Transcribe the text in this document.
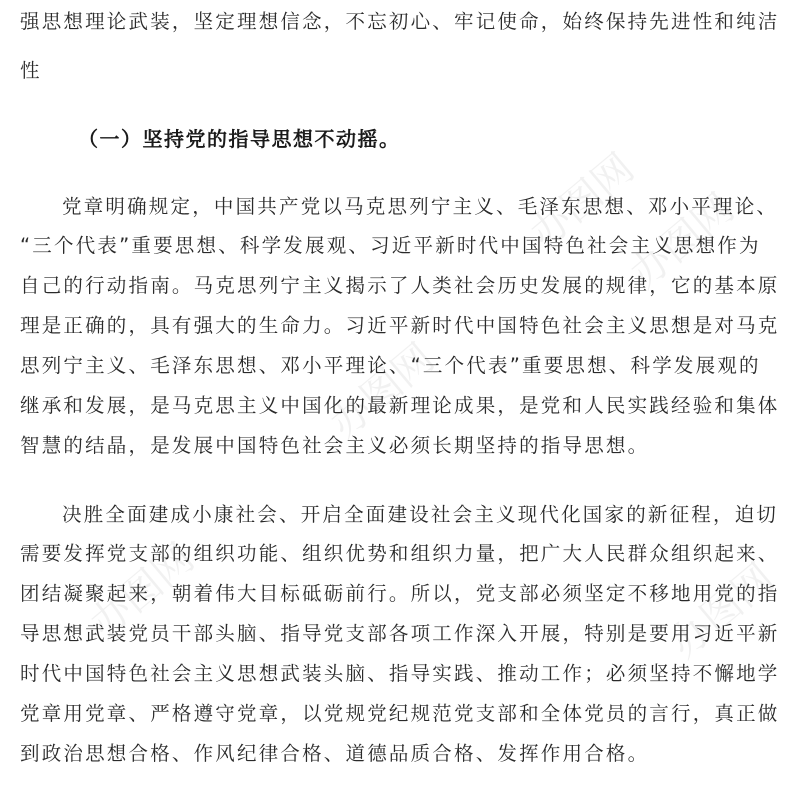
办图网
办图网
办图网
办图网	办图网
强思想理论武装，坚定理想信念，不忘初心、牢记使命，始终保持先进性和纯洁
性
（一）坚持党的指导思想不动摇。
党章明确规定，中国共产党以马克思列宁主义、毛泽东思想、邓小平理论、
“三个代表”重要思想、科学发展观、习近平新时代中国特色社会主义思想作为
自己的行动指南。马克思列宁主义揭示了人类社会历史发展的规律，它的基本原
理是正确的，具有强大的生命力。习近平新时代中国特色社会主义思想是对马克
思列宁主义、毛泽东思想、邓小平理论、“三个代表”重要思想、科学发展观的
继承和发展，是马克思主义中国化的最新理论成果，是党和人民实践经验和集体
智慧的结晶，是发展中国特色社会主义必须长期坚持的指导思想。
决胜全面建成小康社会、开启全面建设社会主义现代化国家的新征程，迫切
需要发挥党支部的组织功能、组织优势和组织力量，把广大人民群众组织起来、
团结凝聚起来，朝着伟大目标砥砺前行。所以，党支部必须坚定不移地用党的指
导思想武装党员干部头脑、指导党支部各项工作深入开展，特别是要用习近平新
时代中国特色社会主义思想武装头脑、指导实践、推动工作；必须坚持不懈地学
党章用党章、严格遵守党章，以党规党纪规范党支部和全体党员的言行，真正做
到政治思想合格、作风纪律合格、道德品质合格、发挥作用合格。
